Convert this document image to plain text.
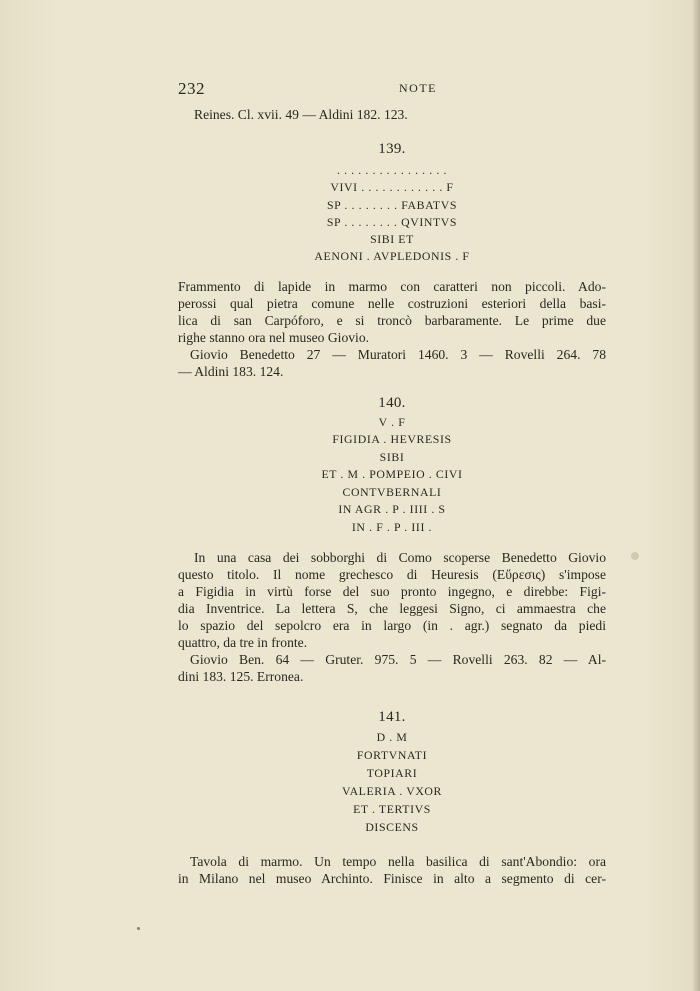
232	NOTE
Reines. Cl. xvii. 49 — Aldini 182. 123.
139.
. . . . . . . . . . . . . . . .
VIVI . . . . . . . . . . . . F
SP . . . . . . . . FABATVS
SP . . . . . . . . QVINTVS
SIBI ET
AENONI . AVPLEDONIS . F
Frammento di lapide in marmo con caratteri non piccoli. Ado-
perossi qual pietra comune nelle costruzioni esteriori della basi-
lica di san Carpóforo, e si troncò barbaramente. Le prime due
righe stanno ora nel museo Giovio.
Giovio Benedetto 27 — Muratori 1460. 3 — Rovelli 264. 78
— Aldini 183. 124.
140.
V . F
FIGIDIA . HEVRESIS
SIBI
ET . M . POMPEIO . CIVI
CONTVBERNALI
IN AGR . P . IIII . S
IN . F . P . III .
In una casa dei sobborghi di Como scoperse Benedetto Giovio
questo titolo. Il nome grechesco di Heuresis (Εὕρεσις) s'impose
a Figidia in virtù forse del suo pronto ingegno, e direbbe: Figi-
dia Inventrice. La lettera S, che leggesi Signo, ci ammaestra che
lo spazio del sepolcro era in largo (in . agr.) segnato da piedi
quattro, da tre in fronte.
Giovio Ben. 64 — Gruter. 975. 5 — Rovelli 263. 82 — Al-
dini 183. 125. Erronea.
141.
D . M
FORTVNATI
TOPIARI
VALERIA . VXOR
ET . TERTIVS
DISCENS
Tavola di marmo. Un tempo nella basilica di sant'Abondio: ora
in Milano nel museo Archinto. Finisce in alto a segmento di cer-
